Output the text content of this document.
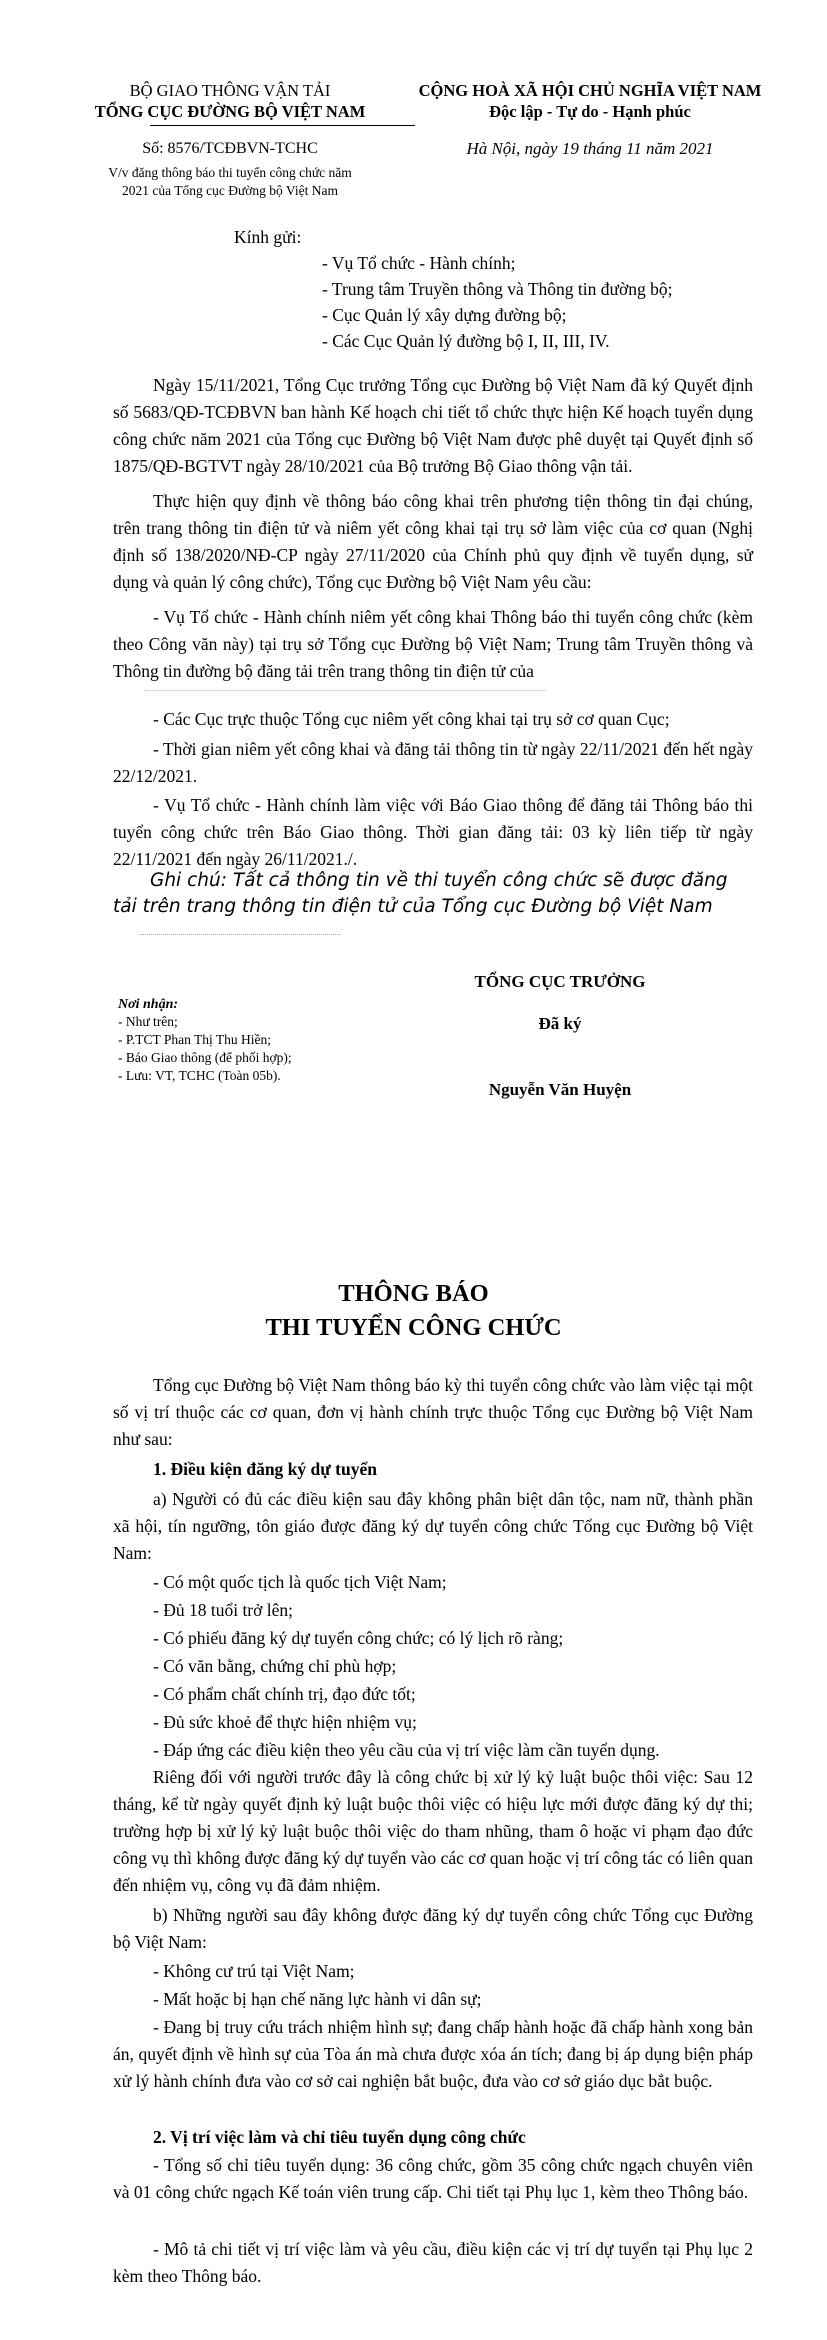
BỘ GIAO THÔNG VẬN TẢI
TỔNG CỤC ĐƯỜNG BỘ VIỆT NAM
Số: 8576/TCĐBVN-TCHC
V/v đăng thông báo thi tuyển công chức năm
2021 của Tổng cục Đường bộ Việt Nam
CỘNG HOÀ XÃ HỘI CHỦ NGHĨA VIỆT NAM
Độc lập - Tự do - Hạnh phúc
Hà Nội, ngày 19 tháng 11 năm 2021
Kính gửi:
- Vụ Tổ chức - Hành chính;
- Trung tâm Truyền thông và Thông tin đường bộ;
- Cục Quản lý xây dựng đường bộ;
- Các Cục Quản lý đường bộ I, II, III, IV.
Ngày 15/11/2021, Tổng Cục trưởng Tổng cục Đường bộ Việt Nam đã ký Quyết định số 5683/QĐ-TCĐBVN ban hành Kế hoạch chi tiết tổ chức thực hiện Kế hoạch tuyển dụng công chức năm 2021 của Tổng cục Đường bộ Việt Nam được phê duyệt tại Quyết định số 1875/QĐ-BGTVT ngày 28/10/2021 của Bộ trưởng Bộ Giao thông vận tải.
Thực hiện quy định về thông báo công khai trên phương tiện thông tin đại chúng, trên trang thông tin điện tử và niêm yết công khai tại trụ sở làm việc của cơ quan (Nghị định số 138/2020/NĐ-CP ngày 27/11/2020 của Chính phủ quy định về tuyển dụng, sử dụng và quản lý công chức), Tổng cục Đường bộ Việt Nam yêu cầu:
- Vụ Tổ chức - Hành chính niêm yết công khai Thông báo thi tuyển công chức (kèm theo Công văn này) tại trụ sở Tổng cục Đường bộ Việt Nam; Trung tâm Truyền thông và Thông tin đường bộ đăng tải trên trang thông tin điện tử của
- Các Cục trực thuộc Tổng cục niêm yết công khai tại trụ sở cơ quan Cục;
- Thời gian niêm yết công khai và đăng tải thông tin từ ngày 22/11/2021 đến hết ngày 22/12/2021.
- Vụ Tổ chức - Hành chính làm việc với Báo Giao thông để đăng tải Thông báo thi tuyển công chức trên Báo Giao thông. Thời gian đăng tải: 03 kỳ liên tiếp từ ngày 22/11/2021 đến ngày 26/11/2021./.
Ghi chú: Tất cả thông tin về thi tuyển công chức sẽ được đăng
tải trên trang thông tin điện tử của Tổng cục Đường bộ Việt Nam
Nơi nhận:
- Như trên;
- P.TCT Phan Thị Thu Hiền;
- Báo Giao thông (để phối hợp);
- Lưu: VT, TCHC (Toàn 05b).
TỔNG CỤC TRƯỞNG
Đã ký
Nguyễn Văn Huyện
THÔNG BÁO
THI TUYỂN CÔNG CHỨC
Tổng cục Đường bộ Việt Nam thông báo kỳ thi tuyển công chức vào làm việc tại một số vị trí thuộc các cơ quan, đơn vị hành chính trực thuộc Tổng cục Đường bộ Việt Nam như sau:
1. Điều kiện đăng ký dự tuyển
a) Người có đủ các điều kiện sau đây không phân biệt dân tộc, nam nữ, thành phần xã hội, tín ngưỡng, tôn giáo được đăng ký dự tuyển công chức Tổng cục Đường bộ Việt Nam:
- Có một quốc tịch là quốc tịch Việt Nam;
- Đủ 18 tuổi trở lên;
- Có phiếu đăng ký dự tuyển công chức; có lý lịch rõ ràng;
- Có văn bằng, chứng chỉ phù hợp;
- Có phẩm chất chính trị, đạo đức tốt;
- Đủ sức khoẻ để thực hiện nhiệm vụ;
- Đáp ứng các điều kiện theo yêu cầu của vị trí việc làm cần tuyển dụng.
Riêng đối với người trước đây là công chức bị xử lý kỷ luật buộc thôi việc: Sau 12 tháng, kể từ ngày quyết định kỷ luật buộc thôi việc có hiệu lực mới được đăng ký dự thi; trường hợp bị xử lý kỷ luật buộc thôi việc do tham nhũng, tham ô hoặc vi phạm đạo đức công vụ thì không được đăng ký dự tuyển vào các cơ quan hoặc vị trí công tác có liên quan đến nhiệm vụ, công vụ đã đảm nhiệm.
b) Những người sau đây không được đăng ký dự tuyển công chức Tổng cục Đường bộ Việt Nam:
- Không cư trú tại Việt Nam;
- Mất hoặc bị hạn chế năng lực hành vi dân sự;
- Đang bị truy cứu trách nhiệm hình sự; đang chấp hành hoặc đã chấp hành xong bản án, quyết định về hình sự của Tòa án mà chưa được xóa án tích; đang bị áp dụng biện pháp xử lý hành chính đưa vào cơ sở cai nghiện bắt buộc, đưa vào cơ sở giáo dục bắt buộc.
2. Vị trí việc làm và chỉ tiêu tuyển dụng công chức
- Tổng số chỉ tiêu tuyển dụng: 36 công chức, gồm 35 công chức ngạch chuyên viên và 01 công chức ngạch Kế toán viên trung cấp. Chi tiết tại Phụ lục 1, kèm theo Thông báo.
- Mô tả chi tiết vị trí việc làm và yêu cầu, điều kiện các vị trí dự tuyển tại Phụ lục 2 kèm theo Thông báo.
